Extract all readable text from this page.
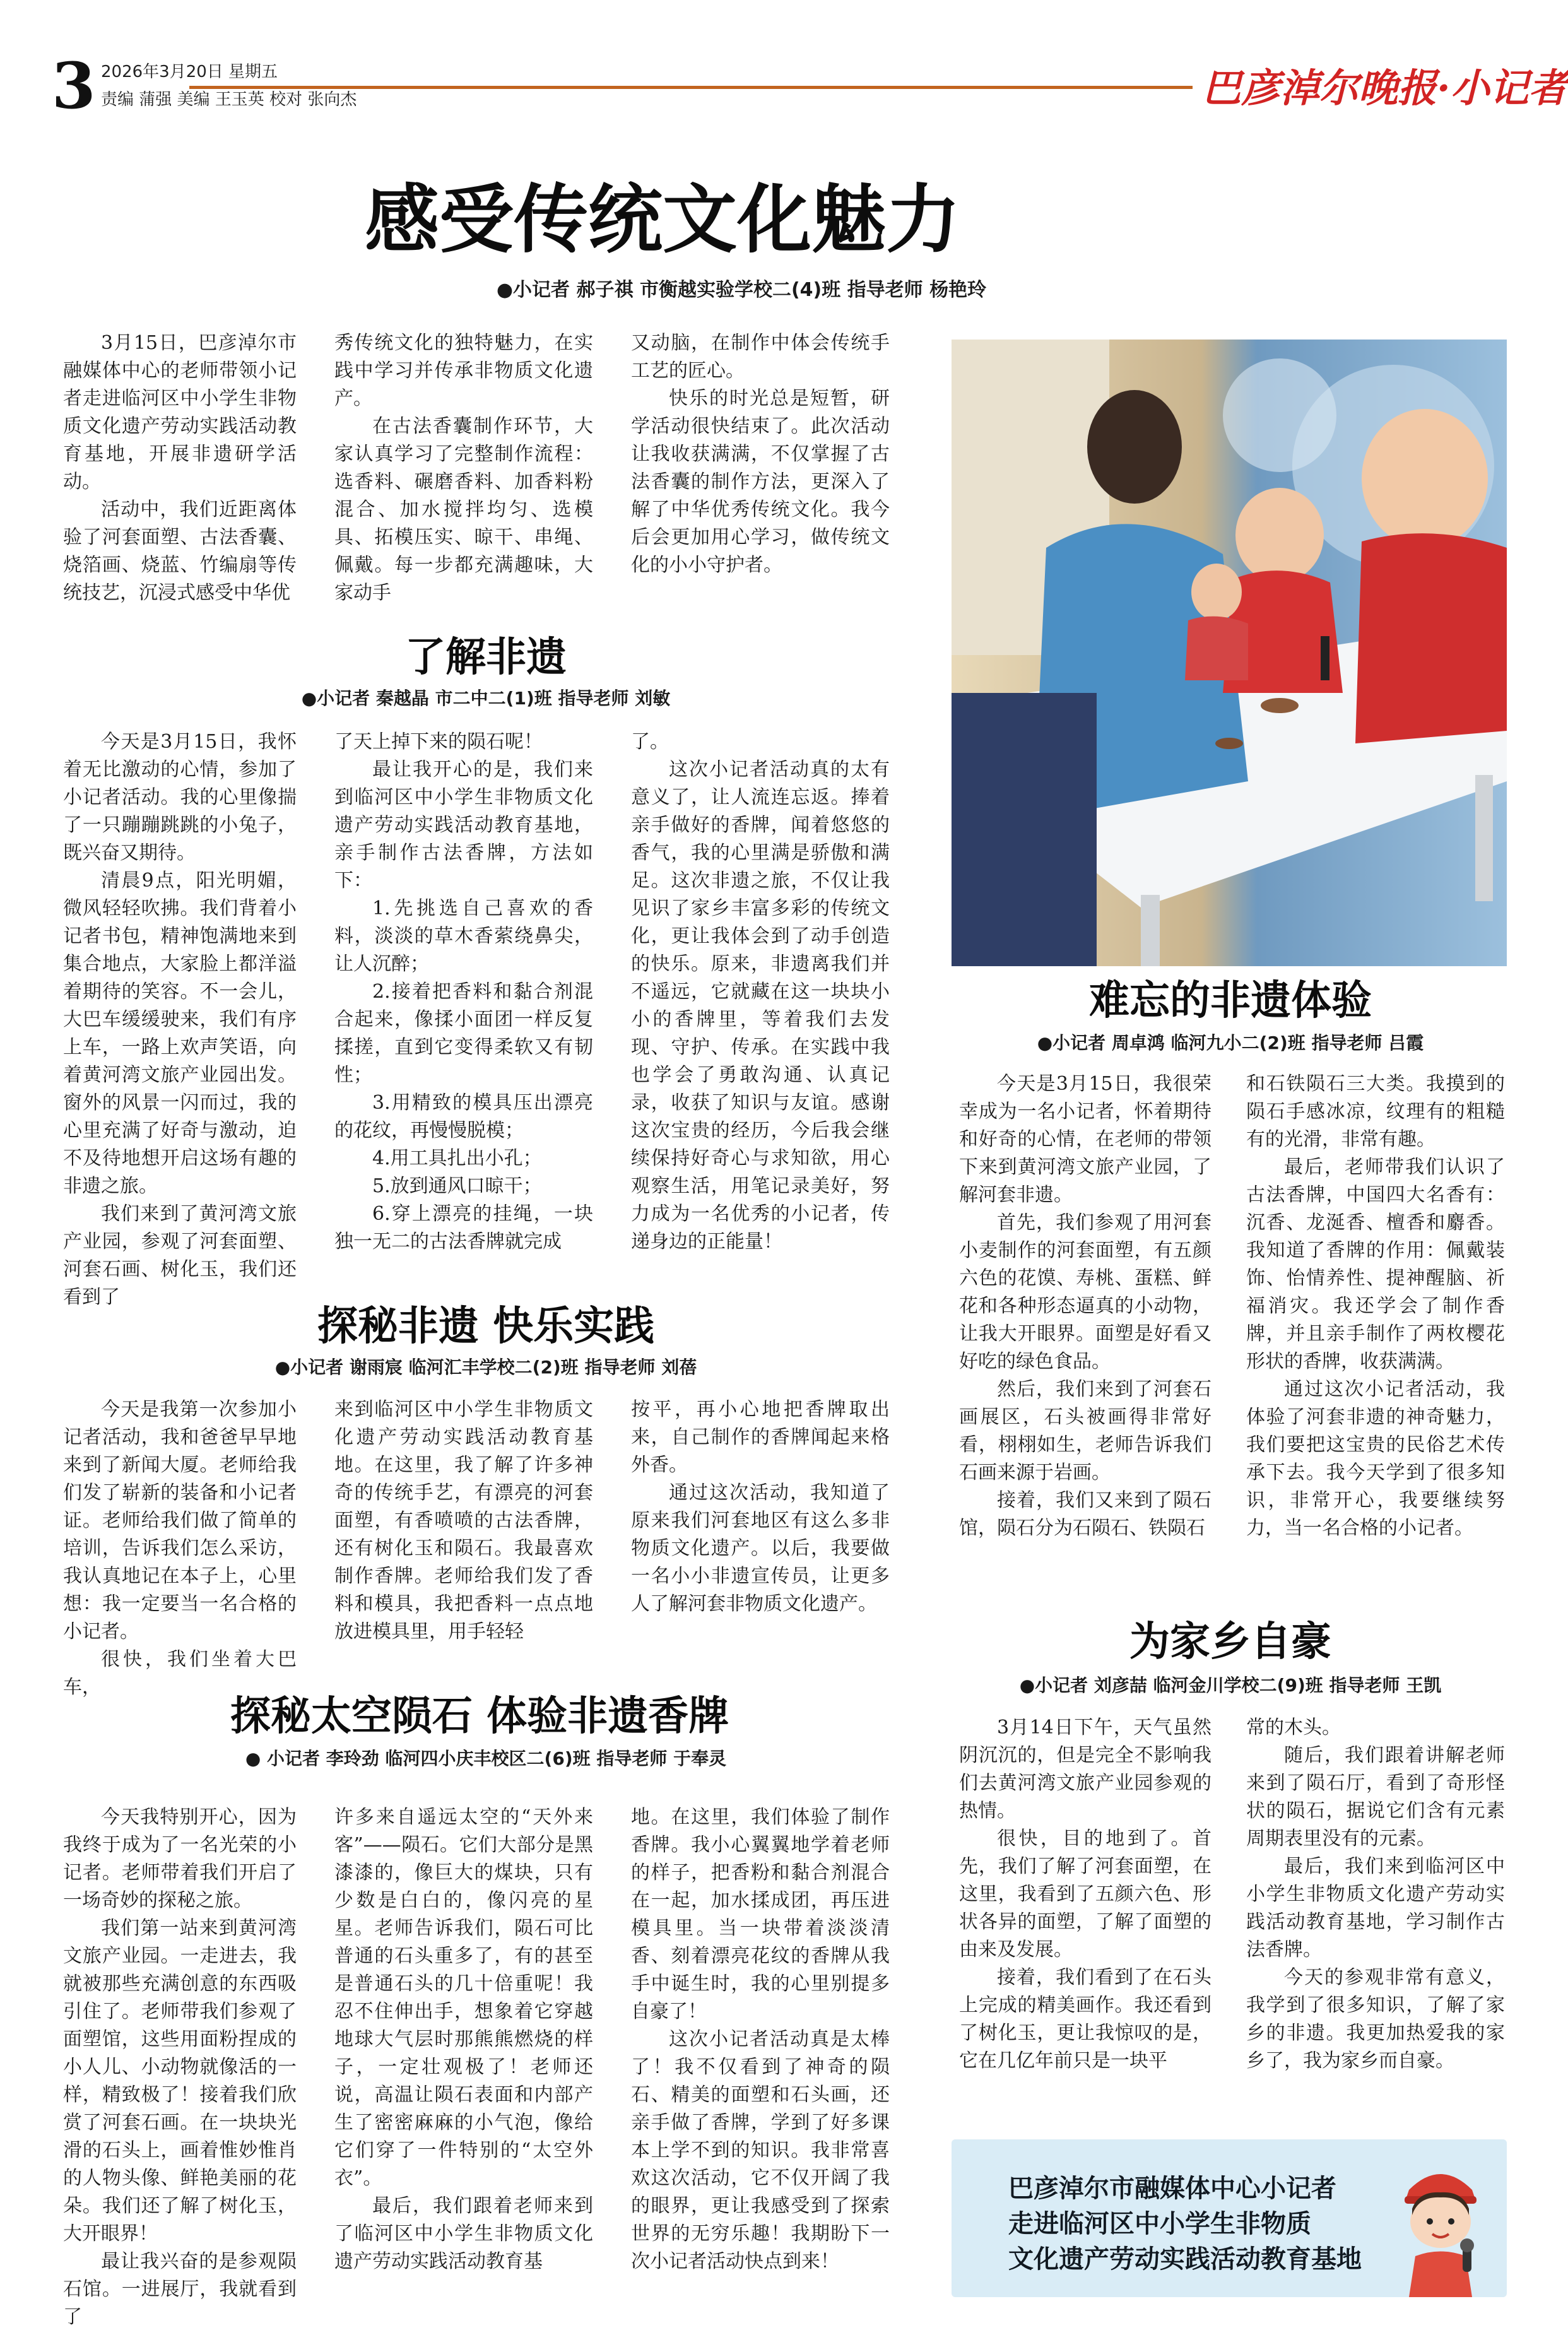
3 2026年3月20日 星期五
责编 蒲强 美编 王玉英 校对 张向杰	巴彦淖尔晚报·小记者
感受传统文化魅力
●小记者 郝子祺 市衡越实验学校二(4)班 指导老师 杨艳玲

3月15日，巴彦淖尔市融媒体中心的老师带领小记者走进临河区中小学生非物质文化遗产劳动实践活动教育基地，开展非遗研学活动。

活动中，我们近距离体验了河套面塑、古法香囊、烧箔画、烧蓝、竹编扇等传统技艺，沉浸式感受中华优

秀传统文化的独特魅力，在实践中学习并传承非物质文化遗产。

在古法香囊制作环节，大家认真学习了完整制作流程：选香料、碾磨香料、加香料粉混合、加水搅拌均匀、选模具、拓模压实、晾干、串绳、佩戴。每一步都充满趣味，大家动手

又动脑，在制作中体会传统手工艺的匠心。

快乐的时光总是短暂，研学活动很快结束了。此次活动让我收获满满，不仅掌握了古法香囊的制作方法，更深入了解了中华优秀传统文化。我今后会更加用心学习，做传统文化的小小守护者。

了解非遗
●小记者 秦越晶 市二中二(1)班 指导老师 刘敏

今天是3月15日，我怀着无比激动的心情，参加了小记者活动。我的心里像揣了一只蹦蹦跳跳的小兔子，既兴奋又期待。

清晨9点，阳光明媚，微风轻轻吹拂。我们背着小记者书包，精神饱满地来到集合地点，大家脸上都洋溢着期待的笑容。不一会儿，大巴车缓缓驶来，我们有序上车，一路上欢声笑语，向着黄河湾文旅产业园出发。窗外的风景一闪而过，我的心里充满了好奇与激动，迫不及待地想开启这场有趣的非遗之旅。

我们来到了黄河湾文旅产业园，参观了河套面塑、河套石画、树化玉，我们还看到了

了天上掉下来的陨石呢！

最让我开心的是，我们来到临河区中小学生非物质文化遗产劳动实践活动教育基地，亲手制作古法香牌，方法如下：

1.先挑选自己喜欢的香料，淡淡的草木香萦绕鼻尖，让人沉醉；

2.接着把香料和黏合剂混合起来，像揉小面团一样反复揉搓，直到它变得柔软又有韧性；

3.用精致的模具压出漂亮的花纹，再慢慢脱模；

4.用工具扎出小孔；

5.放到通风口晾干；

6.穿上漂亮的挂绳，一块独一无二的古法香牌就完成

了。

这次小记者活动真的太有意义了，让人流连忘返。捧着亲手做好的香牌，闻着悠悠的香气，我的心里满是骄傲和满足。这次非遗之旅，不仅让我见识了家乡丰富多彩的传统文化，更让我体会到了动手创造的快乐。原来，非遗离我们并不遥远，它就藏在这一块块小小的香牌里，等着我们去发现、守护、传承。在实践中我也学会了勇敢沟通、认真记录，收获了知识与友谊。感谢这次宝贵的经历，今后我会继续保持好奇心与求知欲，用心观察生活，用笔记录美好，努力成为一名优秀的小记者，传递身边的正能量！

探秘非遗 快乐实践
●小记者 谢雨宸 临河汇丰学校二(2)班 指导老师 刘蓓

今天是我第一次参加小记者活动，我和爸爸早早地来到了新闻大厦。老师给我们发了崭新的装备和小记者证。老师给我们做了简单的培训，告诉我们怎么采访，我认真地记在本子上，心里想：我一定要当一名合格的小记者。

很快，我们坐着大巴车，

来到临河区中小学生非物质文化遗产劳动实践活动教育基地。在这里，我了解了许多神奇的传统手艺，有漂亮的河套面塑，有香喷喷的古法香牌，还有树化玉和陨石。我最喜欢制作香牌。老师给我们发了香料和模具，我把香料一点点地放进模具里，用手轻轻

按平，再小心地把香牌取出来，自己制作的香牌闻起来格外香。

通过这次活动，我知道了原来我们河套地区有这么多非物质文化遗产。以后，我要做一名小小非遗宣传员，让更多人了解河套非物质文化遗产。

探秘太空陨石 体验非遗香牌
● 小记者 李玲劲 临河四小庆丰校区二(6)班 指导老师 于奉灵

今天我特别开心，因为我终于成为了一名光荣的小记者。老师带着我们开启了一场奇妙的探秘之旅。

我们第一站来到黄河湾文旅产业园。一走进去，我就被那些充满创意的东西吸引住了。老师带我们参观了面塑馆，这些用面粉捏成的小人儿、小动物就像活的一样，精致极了！接着我们欣赏了河套石画。在一块块光滑的石头上，画着惟妙惟肖的人物头像、鲜艳美丽的花朵。我们还了解了树化玉，大开眼界！

最让我兴奋的是参观陨石馆。一进展厅，我就看到了

许多来自遥远太空的“天外来客”——陨石。它们大部分是黑漆漆的，像巨大的煤块，只有少数是白白的，像闪亮的星星。老师告诉我们，陨石可比普通的石头重多了，有的甚至是普通石头的几十倍重呢！我忍不住伸出手，想象着它穿越地球大气层时那熊熊燃烧的样子，一定壮观极了！老师还说，高温让陨石表面和内部产生了密密麻麻的小气泡，像给它们穿了一件特别的“太空外衣”。

最后，我们跟着老师来到了临河区中小学生非物质文化遗产劳动实践活动教育基

地。在这里，我们体验了制作香牌。我小心翼翼地学着老师的样子，把香粉和黏合剂混合在一起，加水揉成团，再压进模具里。当一块带着淡淡清香、刻着漂亮花纹的香牌从我手中诞生时，我的心里别提多自豪了！

这次小记者活动真是太棒了！我不仅看到了神奇的陨石、精美的面塑和石头画，还亲手做了香牌，学到了好多课本上学不到的知识。我非常喜欢这次活动，它不仅开阔了我的眼界，更让我感受到了探索世界的无穷乐趣！我期盼下一次小记者活动快点到来！

难忘的非遗体验
●小记者 周卓鸿 临河九小二(2)班 指导老师 吕霞

今天是3月15日，我很荣幸成为一名小记者，怀着期待和好奇的心情，在老师的带领下来到黄河湾文旅产业园，了解河套非遗。

首先，我们参观了用河套小麦制作的河套面塑，有五颜六色的花馍、寿桃、蛋糕、鲜花和各种形态逼真的小动物，让我大开眼界。面塑是好看又好吃的绿色食品。

然后，我们来到了河套石画展区，石头被画得非常好看，栩栩如生，老师告诉我们石画来源于岩画。

接着，我们又来到了陨石馆，陨石分为石陨石、铁陨石

和石铁陨石三大类。我摸到的陨石手感冰凉，纹理有的粗糙有的光滑，非常有趣。

最后，老师带我们认识了古法香牌，中国四大名香有：沉香、龙涎香、檀香和麝香。我知道了香牌的作用：佩戴装饰、怡情养性、提神醒脑、祈福消灾。我还学会了制作香牌，并且亲手制作了两枚樱花形状的香牌，收获满满。

通过这次小记者活动，我体验了河套非遗的神奇魅力，我们要把这宝贵的民俗艺术传承下去。我今天学到了很多知识，非常开心，我要继续努力，当一名合格的小记者。

为家乡自豪
●小记者 刘彦喆 临河金川学校二(9)班 指导老师 王凯

3月14日下午，天气虽然阴沉沉的，但是完全不影响我们去黄河湾文旅产业园参观的热情。

很快，目的地到了。首先，我们了解了河套面塑，在这里，我看到了五颜六色、形状各异的面塑，了解了面塑的由来及发展。

接着，我们看到了在石头上完成的精美画作。我还看到了树化玉，更让我惊叹的是，它在几亿年前只是一块平

常的木头。

随后，我们跟着讲解老师来到了陨石厅，看到了奇形怪状的陨石，据说它们含有元素周期表里没有的元素。

最后，我们来到临河区中小学生非物质文化遗产劳动实践活动教育基地，学习制作古法香牌。

今天的参观非常有意义，我学到了很多知识，了解了家乡的非遗。我更加热爱我的家乡了，我为家乡而自豪。

巴彦淖尔市融媒体中心小记者
走进临河区中小学生非物质
文化遗产劳动实践活动教育基地
